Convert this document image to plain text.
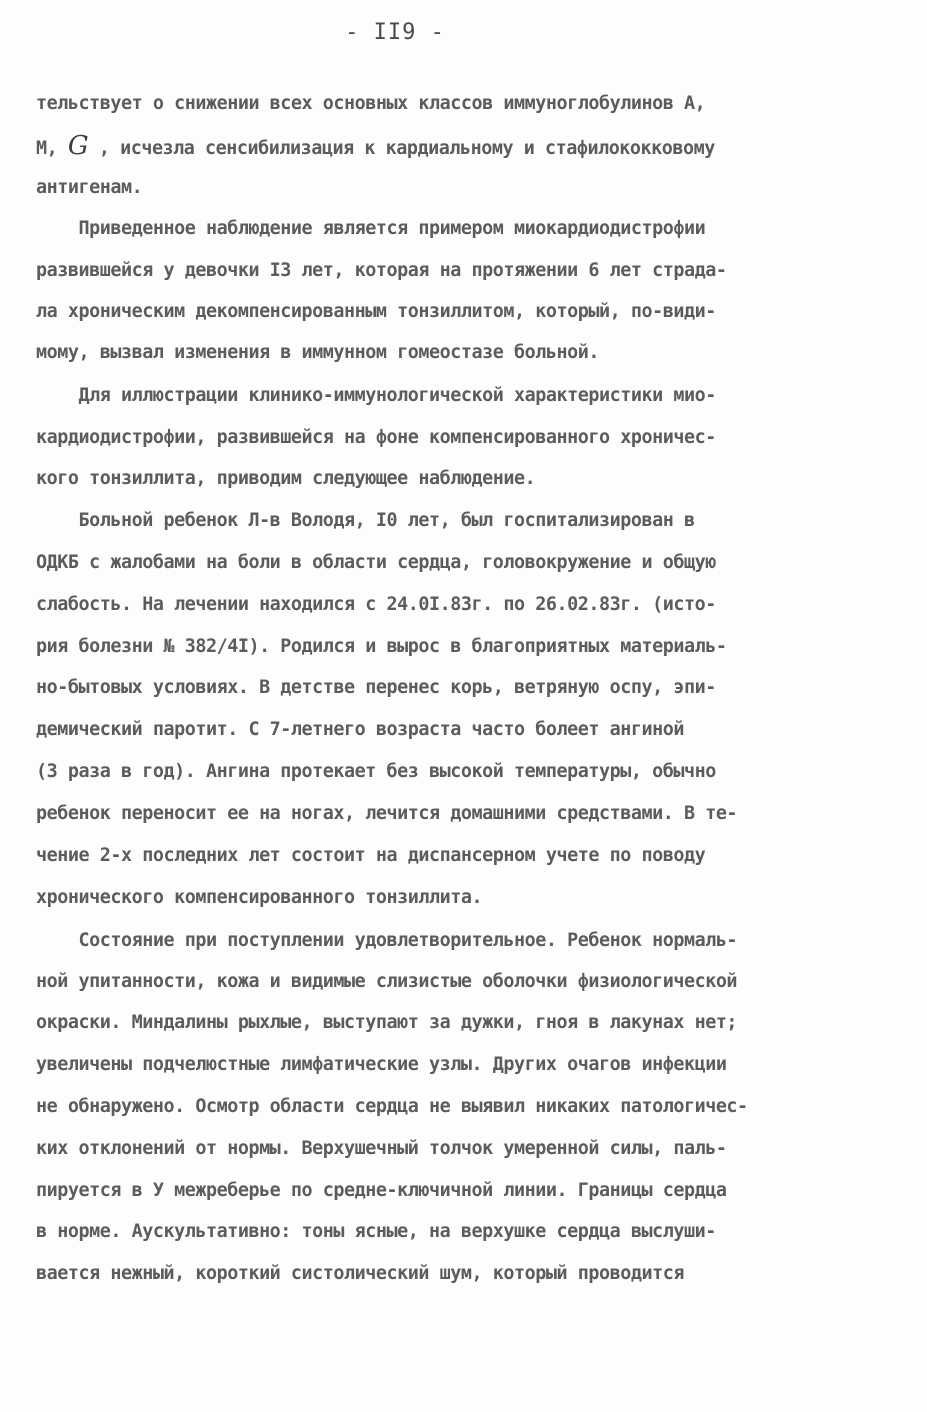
- II9 -
тельствует о снижении всех основных классов иммуноглобулинов А,
М, G , исчезла сенсибилизация к кардиальному и стафилококковому
антигенам.
Приведенное наблюдение является примером миокардиодистрофии
развившейся у девочки I3 лет, которая на протяжении 6 лет страда-
ла хроническим декомпенсированным тонзиллитом, который, по-види-
мому, вызвал изменения в иммунном гомеостазе больной.
Для иллюстрации клинико-иммунологической характеристики мио-
кардиодистрофии, развившейся на фоне компенсированного хроничес-
кого тонзиллита, приводим следующее наблюдение.
Больной ребенок Л-в Володя, I0 лет, был госпитализирован в
ОДКБ с жалобами на боли в области сердца, головокружение и общую
слабость. На лечении находился с 24.0I.83г. по 26.02.83г. (исто-
рия болезни № 382/4I). Родился и вырос в благоприятных материаль-
но-бытовых условиях. В детстве перенес корь, ветряную оспу, эпи-
демический паротит. С 7-летнего возраста часто болеет ангиной
(3 раза в год). Ангина протекает без высокой температуры, обычно
ребенок переносит ее на ногах, лечится домашними средствами. В те-
чение 2-х последних лет состоит на диспансерном учете по поводу
хронического компенсированного тонзиллита.
Состояние при поступлении удовлетворительное. Ребенок нормаль-
ной упитанности, кожа и видимые слизистые оболочки физиологической
окраски. Миндалины рыхлые, выступают за дужки, гноя в лакунах нет;
увеличены подчелюстные лимфатические узлы. Других очагов инфекции
не обнаружено. Осмотр области сердца не выявил никаких патологичес-
ких отклонений от нормы. Верхушечный толчок умеренной силы, паль-
пируется в У межреберье по средне-ключичной линии. Границы сердца
в норме. Аускультативно: тоны ясные, на верхушке сердца выслуши-
вается нежный, короткий систолический шум, который проводится
